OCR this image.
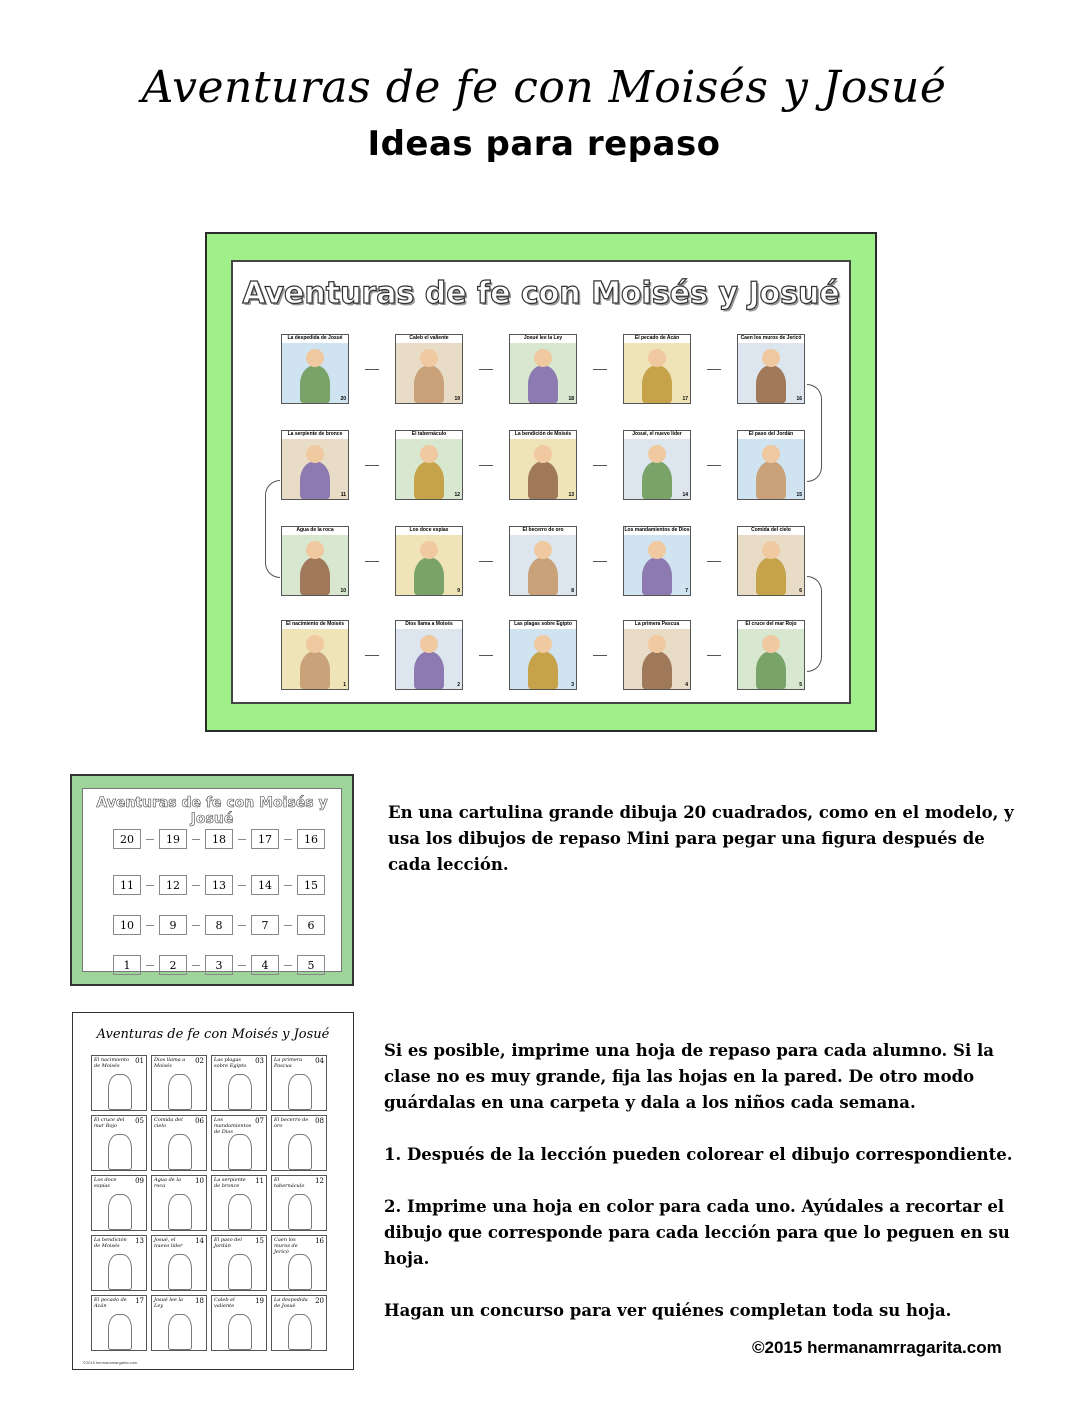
Aventuras de fe con Moisés y Josué
Ideas para repaso
Aventuras de fe con Moisés y Josué
La despedida de Josué
20
Caleb el valiente
19
Josué lee la Ley
18
El pecado de Acán
17
Caen los muros de Jericó
16
La serpiente de bronce
11
El tabernáculo
12
La bendición de Moisés
13
Josué, el nuevo líder
14
El paso del Jordán
15
Agua de la roca
10
Los doce espías
9
El becerro de oro
8
Los mandamientos de Dios
7
Comida del cielo
6
El nacimiento de Moisés
1
Dios llama a Moisés
2
Las plagas sobre Egipto
3
La primera Pascua
4
El cruce del mar Rojo
5
Aventuras de fe con Moisés y Josué
20	19	18	17	16
11	12	13	14	15
10	9	8	7	6
1	2	3	4	5
En una cartulina grande dibuja 20 cuadrados, como en el modelo, y usa los dibujos de repaso Mini para pegar una figura después de cada lección.
Aventuras de fe con Moisés y Josué
El nacimiento de Moisés
01 Dios llama a Moisés
02 Las plagas sobre Egipto
03 La primera Pascua
04
El cruce del mar Rojo
05 Comida del cielo
06 Los mandamientos de Dios
07 El becerro de oro
08
Los doce espías
09 Agua de la roca
10 La serpiente de bronce
11 El tabernáculo
12
La bendición de Moisés
13 Josué, el nuevo líder
14 El paso del Jordán
15 Caen los muros de Jericó
16
El pecado de Acán
17 Josué lee la Ley
18 Caleb el valiente
19 La despedida de Josué
20
©2015 hermanamargarita.com

Si es posible, imprime una hoja de repaso para cada alumno. Si la clase no es muy grande, fija las hojas en la pared. De otro modo guárdalas en una carpeta y dala a los niños cada semana.

1. Después de la lección pueden colorear el dibujo correspondiente.

2. Imprime una hoja en color para cada uno. Ayúdales a recortar el dibujo que corresponde para cada lección para que lo peguen en su hoja.

Hagan un concurso para ver quiénes completan toda su hoja.

©2015 hermanamrragarita.com
